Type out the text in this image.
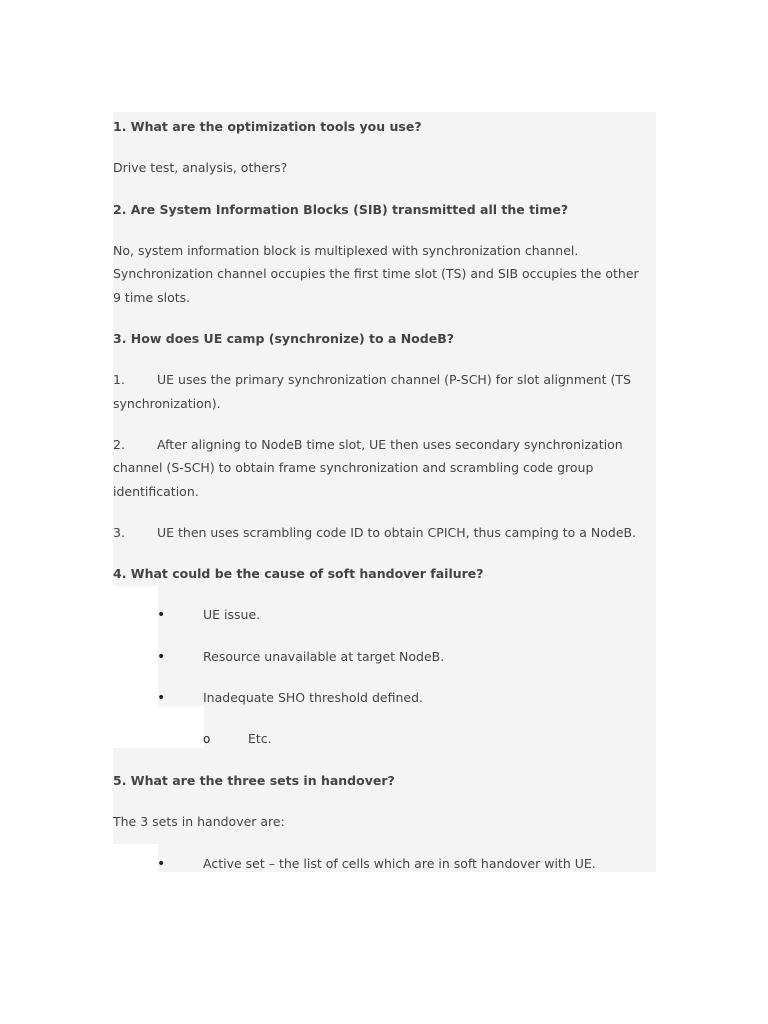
1. What are the optimization tools you use?
Drive test, analysis, others?
2. Are System Information Blocks (SIB) transmitted all the time?
No, system information block is multiplexed with synchronization channel.
Synchronization channel occupies the first time slot (TS) and SIB occupies the other
9 time slots.
3. How does UE camp (synchronize) to a NodeB?
1.	UE uses the primary synchronization channel (P-SCH) for slot alignment (TS
synchronization).
2.	After aligning to NodeB time slot, UE then uses secondary synchronization
channel (S-SCH) to obtain frame synchronization and scrambling code group
identification.
3.	UE then uses scrambling code ID to obtain CPICH, thus camping to a NodeB.
4. What could be the cause of soft handover failure?
•	UE issue.
•	Resource unavailable at target NodeB.
•	Inadequate SHO threshold defined.
o	Etc.
5. What are the three sets in handover?
The 3 sets in handover are:
•	Active set – the list of cells which are in soft handover with UE.
